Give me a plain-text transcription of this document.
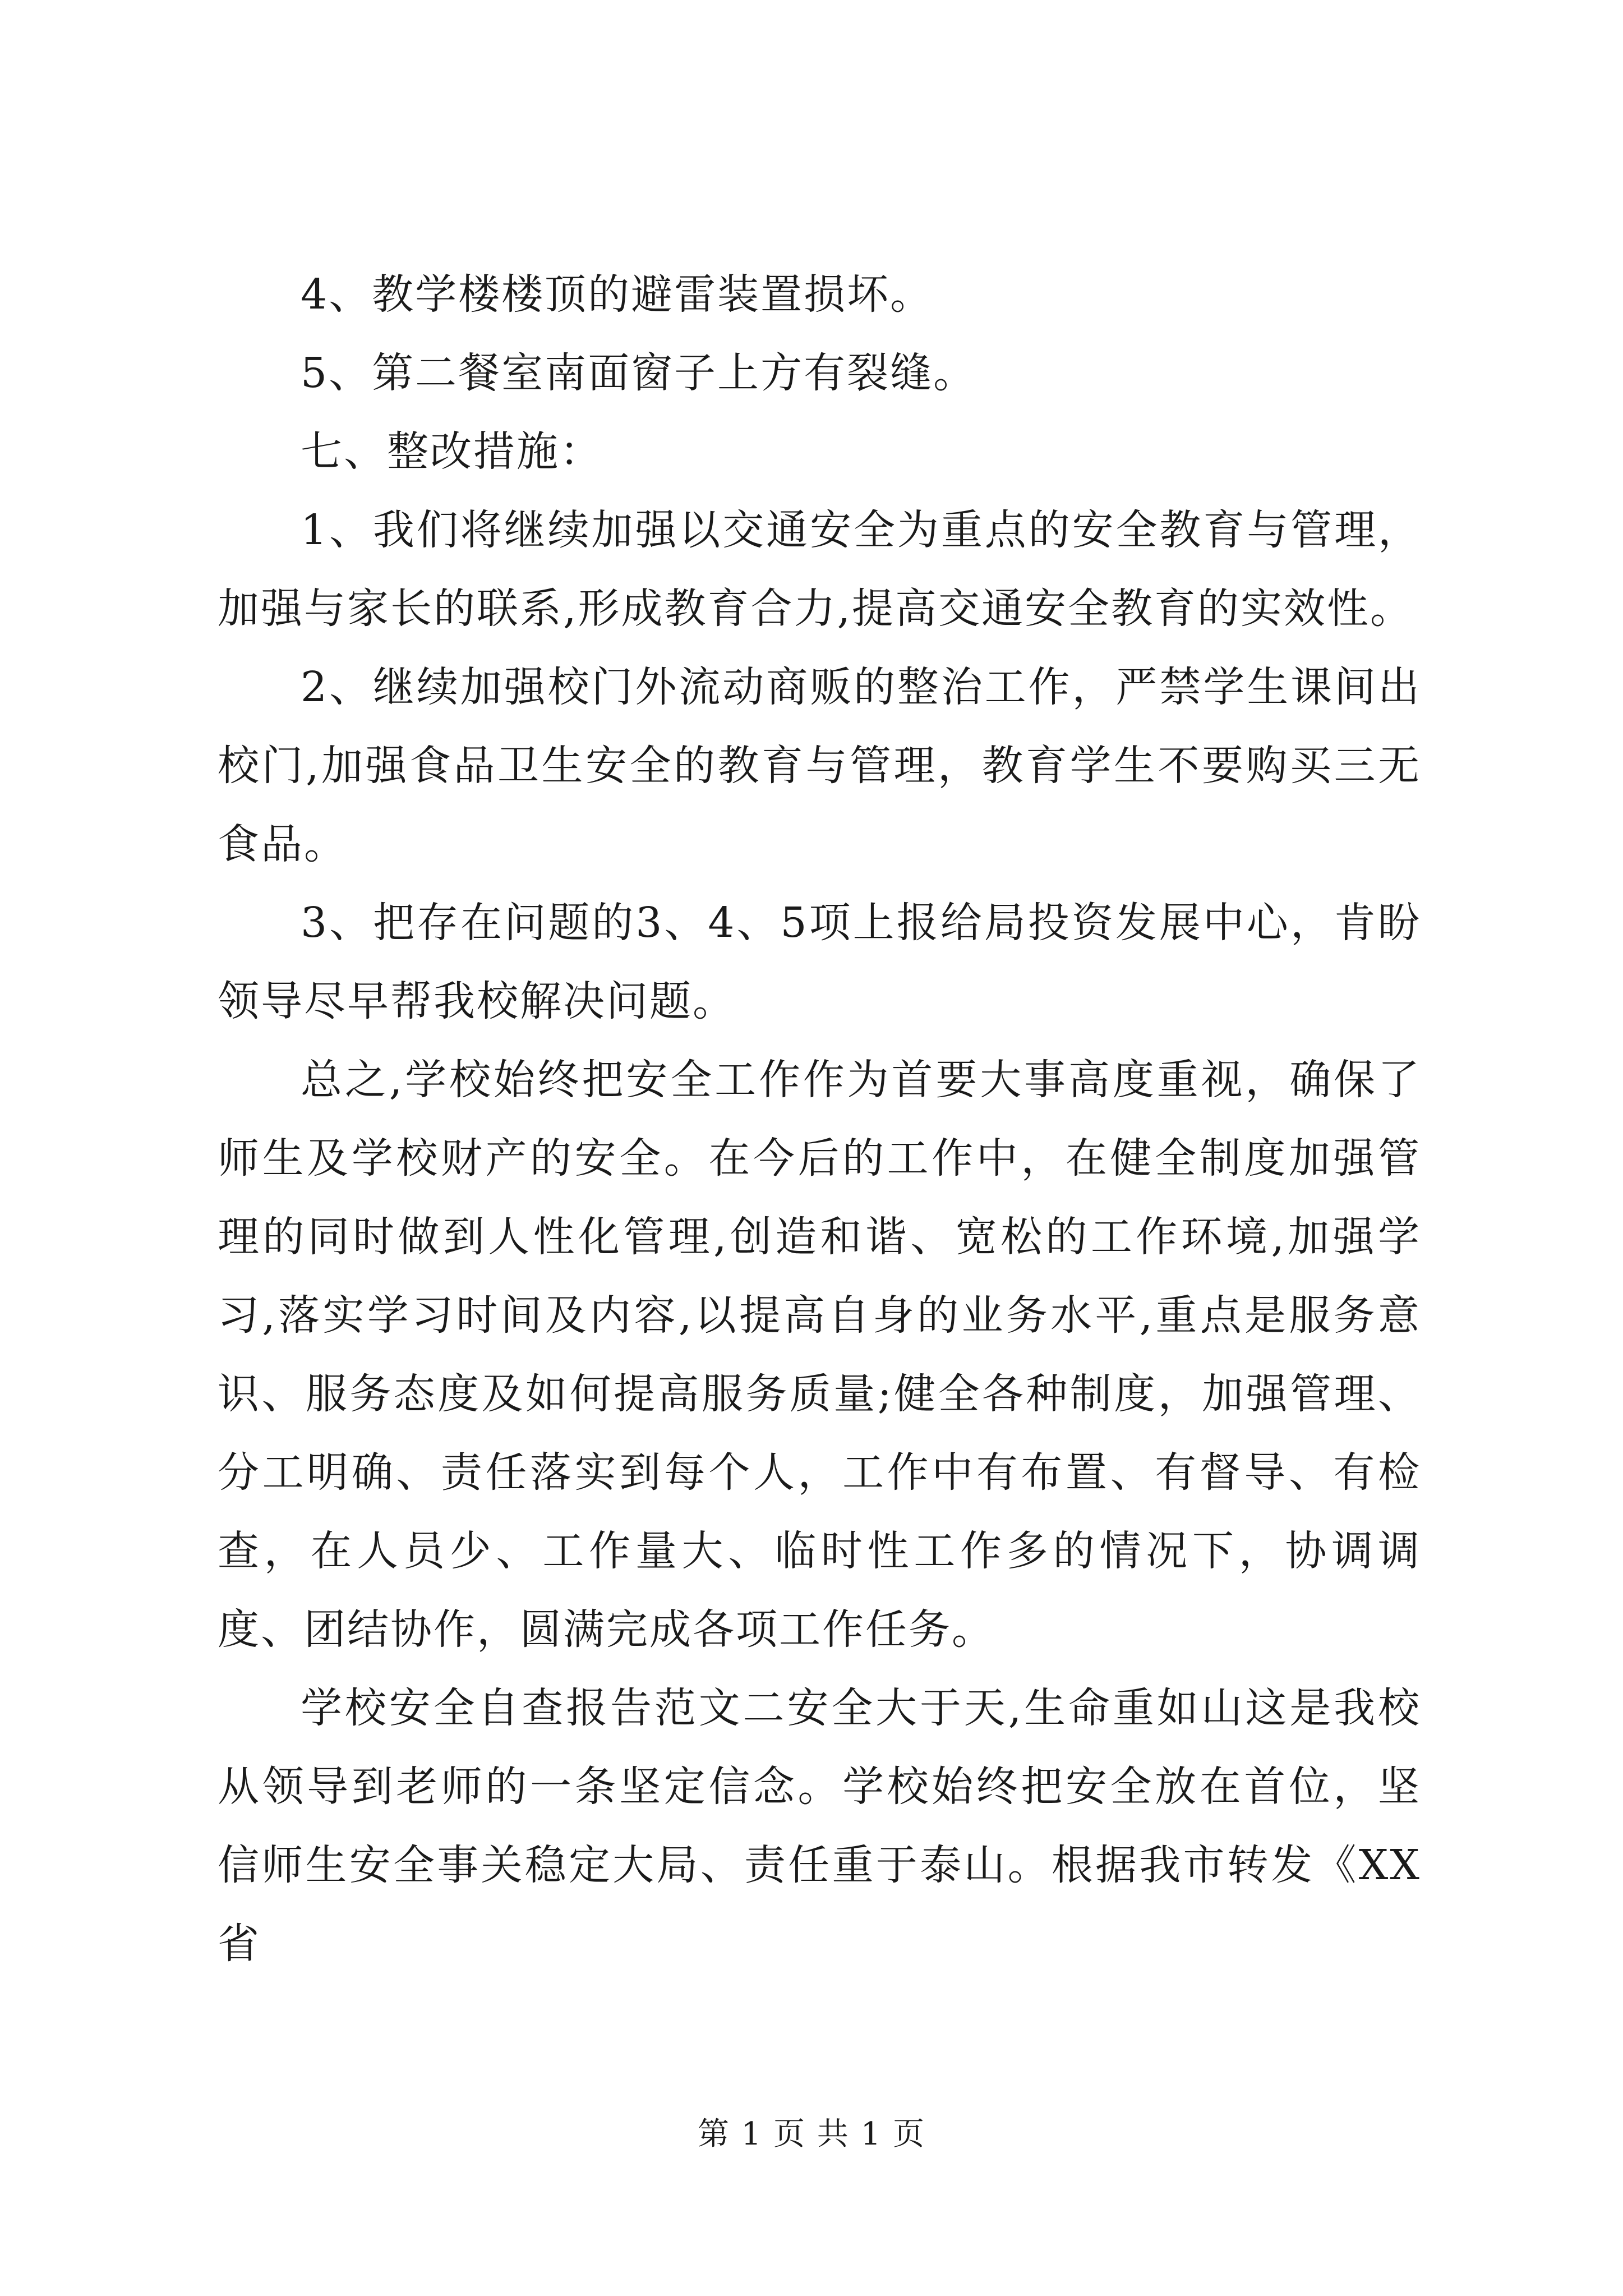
4、教学楼楼顶的避雷装置损坏。

5、第二餐室南面窗子上方有裂缝。

七、整改措施：

1、我们将继续加强以交通安全为重点的安全教育与管理，加强与家长的联系,形成教育合力,提高交通安全教育的实效性。

2、继续加强校门外流动商贩的整治工作，严禁学生课间出校门,加强食品卫生安全的教育与管理，教育学生不要购买三无食品。

3、把存在问题的3、4、5项上报给局投资发展中心，肯盼领导尽早帮我校解决问题。

总之,学校始终把安全工作作为首要大事高度重视，确保了师生及学校财产的安全。在今后的工作中，在健全制度加强管理的同时做到人性化管理,创造和谐、宽松的工作环境,加强学习,落实学习时间及内容,以提高自身的业务水平,重点是服务意识、服务态度及如何提高服务质量;健全各种制度，加强管理、分工明确、责任落实到每个人，工作中有布置、有督导、有检查，在人员少、工作量大、临时性工作多的情况下，协调调度、团结协作，圆满完成各项工作任务。

学校安全自查报告范文二安全大于天,生命重如山这是我校从领导到老师的一条坚定信念。学校始终把安全放在首位，坚信师生安全事关稳定大局、责任重于泰山。根据我市转发《XX省

第 1 页 共 1 页
